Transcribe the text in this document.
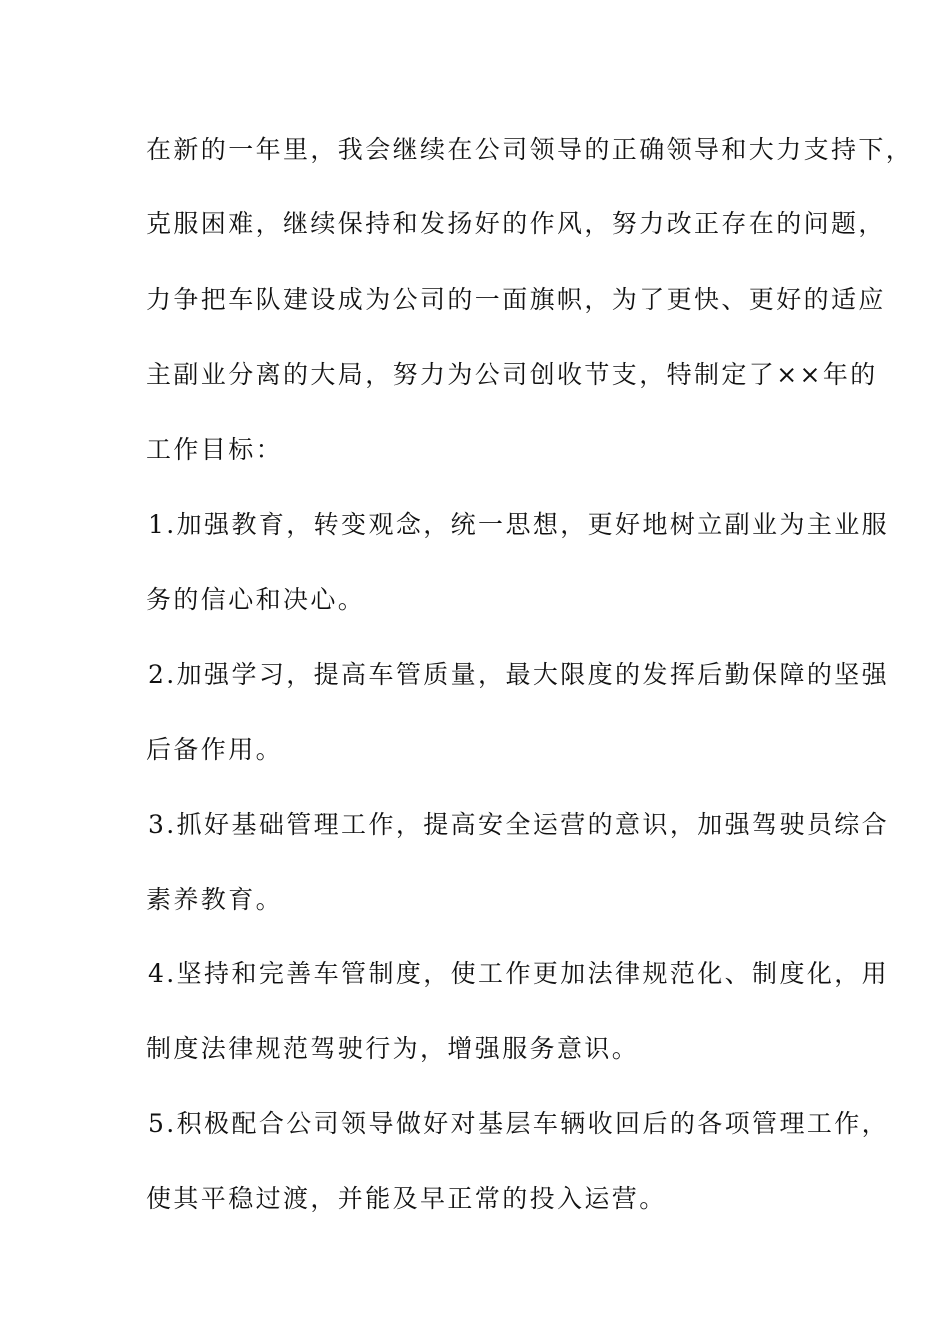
在新的一年里，我会继续在公司领导的正确领导和大力支持下，
克服困难，继续保持和发扬好的作风，努力改正存在的问题，
力争把车队建设成为公司的一面旗帜，为了更快、更好的适应
主副业分离的大局，努力为公司创收节支，特制定了××年的
工作目标：
1.加强教育，转变观念，统一思想，更好地树立副业为主业服
务的信心和决心。
2.加强学习，提高车管质量，最大限度的发挥后勤保障的坚强
后备作用。
3.抓好基础管理工作，提高安全运营的意识，加强驾驶员综合
素养教育。
4.坚持和完善车管制度，使工作更加法律规范化、制度化，用
制度法律规范驾驶行为，增强服务意识。
5.积极配合公司领导做好对基层车辆收回后的各项管理工作，
使其平稳过渡，并能及早正常的投入运营。
